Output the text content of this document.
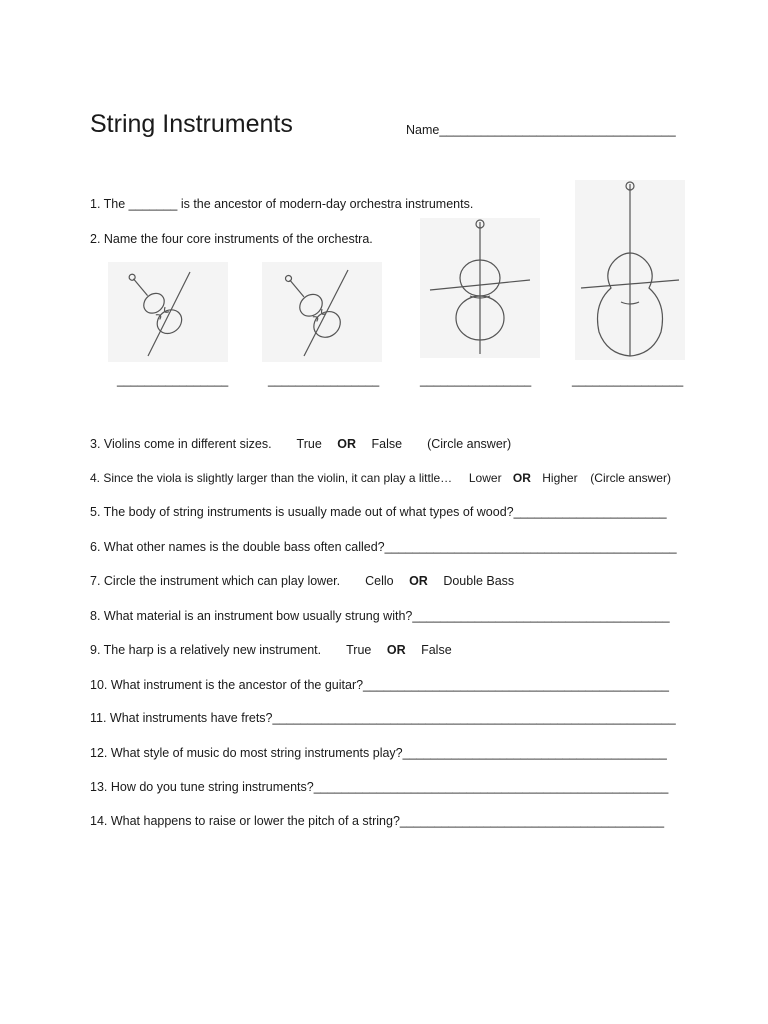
String Instruments	Name__________________________________
1. The _______ is the ancestor of modern-day orchestra instruments.
2. Name the four core instruments of the orchestra.
________________	________________	________________	________________
3. Violins come in different sizes. True OR False (Circle answer)
4. Since the viola is slightly larger than the violin, it can play a little… Lower OR Higher (Circle answer)
5. The body of string instruments is usually made out of what types of wood?______________________
6. What other names is the double bass often called?__________________________________________
7. Circle the instrument which can play lower. Cello OR Double Bass
8. What material is an instrument bow usually strung with?_____________________________________
9. The harp is a relatively new instrument. True OR False
10. What instrument is the ancestor of the guitar?____________________________________________
11. What instruments have frets?__________________________________________________________
12. What style of music do most string instruments play?______________________________________
13. How do you tune string instruments?___________________________________________________
14. What happens to raise or lower the pitch of a string?______________________________________
